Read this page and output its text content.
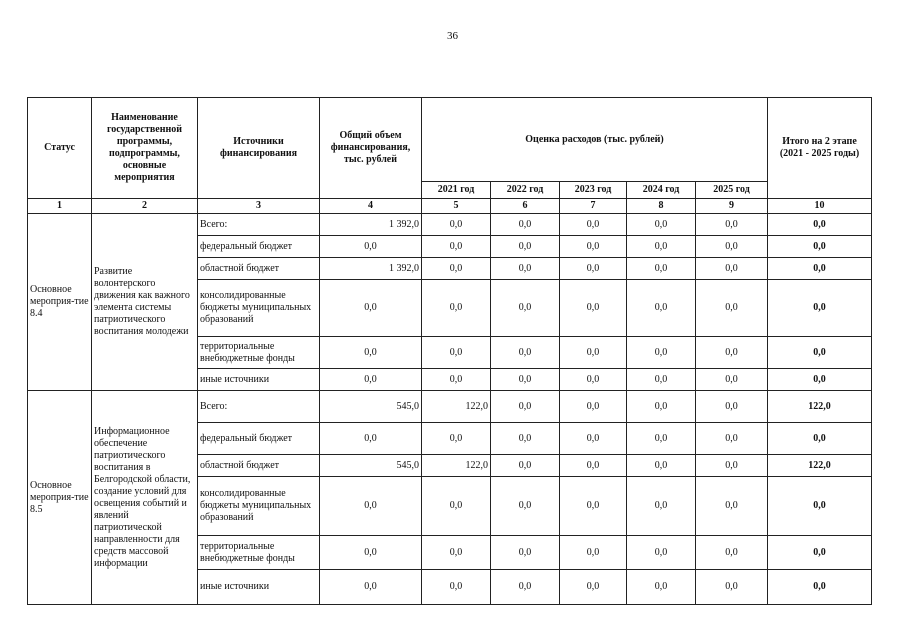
36
Статус	Наименование государственной программы, подпрограммы, основные мероприятия	Источники финансирования	Общий объем финансирования, тыс. рублей	Оценка расходов (тыс. рублей)					Итого на 2 этапе (2021 - 2025 годы)
				2021 год	2022 год	2023 год	2024 год	2025 год	
1	2	3	4	5	6	7	8	9	10
Основное мероприя-тие 8.4	Развитие волонтерского движения как важного элемента системы патриотического воспитания молодежи	Всего:	1 392,0	0,0	0,0	0,0	0,0	0,0	0,0
		федеральный бюджет	0,0	0,0	0,0	0,0	0,0	0,0	0,0
		областной бюджет	1 392,0	0,0	0,0	0,0	0,0	0,0	0,0
		консолидированные бюджеты муниципальных образований	0,0	0,0	0,0	0,0	0,0	0,0	0,0
		территориальные внебюджетные фонды	0,0	0,0	0,0	0,0	0,0	0,0	0,0
		иные источники	0,0	0,0	0,0	0,0	0,0	0,0	0,0
Основное мероприя-тие 8.5	Информационное обеспечение патриотического воспитания в Белгородской области, создание условий для освещения событий и явлений патриотической направленности для средств массовой информации	Всего:	545,0	122,0	0,0	0,0	0,0	0,0	122,0
		федеральный бюджет	0,0	0,0	0,0	0,0	0,0	0,0	0,0
		областной бюджет	545,0	122,0	0,0	0,0	0,0	0,0	122,0
		консолидированные бюджеты муниципальных образований	0,0	0,0	0,0	0,0	0,0	0,0	0,0
		территориальные внебюджетные фонды	0,0	0,0	0,0	0,0	0,0	0,0	0,0
		иные источники	0,0	0,0	0,0	0,0	0,0	0,0	0,0
